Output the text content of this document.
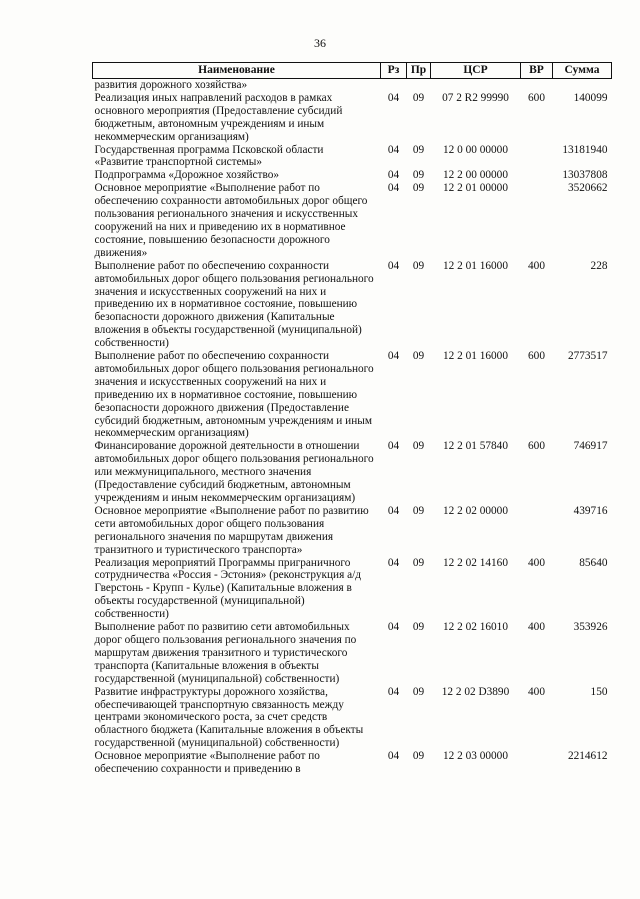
36
Наименование	Рз	Пр	ЦСР	ВР	Сумма
развития дорожного хозяйства»					
Реализация иных направлений расходов в рамках основного мероприятия (Предоставление субсидий бюджетным, автономным учреждениям и иным некоммерческим организациям)	04	09	07 2 R2 99990	600	140099
Государственная программа Псковской области «Развитие транспортной системы»	04	09	12 0 00 00000		13181940
Подпрограмма «Дорожное хозяйство»	04	09	12 2 00 00000		13037808
Основное мероприятие «Выполнение работ по обеспечению сохранности автомобильных дорог общего пользования регионального значения и искусственных сооружений на них и приведению их в нормативное состояние, повышению безопасности дорожного движения»	04	09	12 2 01 00000		3520662
Выполнение работ по обеспечению сохранности автомобильных дорог общего пользования регионального значения и искусственных сооружений на них и приведению их в нормативное состояние, повышению безопасности дорожного движения (Капитальные вложения в объекты государственной (муниципальной) собственности)	04	09	12 2 01 16000	400	228
Выполнение работ по обеспечению сохранности автомобильных дорог общего пользования регионального значения и искусственных сооружений на них и приведению их в нормативное состояние, повышению безопасности дорожного движения (Предоставление субсидий бюджетным, автономным учреждениям и иным некоммерческим организациям)	04	09	12 2 01 16000	600	2773517
Финансирование дорожной деятельности в отношении автомобильных дорог общего пользования регионального или межмуниципального, местного значения (Предоставление субсидий бюджетным, автономным учреждениям и иным некоммерческим организациям)	04	09	12 2 01 57840	600	746917
Основное мероприятие «Выполнение работ по развитию сети автомобильных дорог общего пользования регионального значения по маршрутам движения транзитного и туристического транспорта»	04	09	12 2 02 00000		439716
Реализация мероприятий Программы приграничного сотрудничества «Россия - Эстония» (реконструкция а/д Гверстонь - Крупп - Кулье) (Капитальные вложения в объекты государственной (муниципальной) собственности)	04	09	12 2 02 14160	400	85640
Выполнение работ по развитию сети автомобильных дорог общего пользования регионального значения по маршрутам движения транзитного и туристического транспорта (Капитальные вложения в объекты государственной (муниципальной) собственности)	04	09	12 2 02 16010	400	353926
Развитие инфраструктуры дорожного хозяйства, обеспечивающей транспортную связанность между центрами экономического роста, за счет средств областного бюджета (Капитальные вложения в объекты государственной (муниципальной) собственности)	04	09	12 2 02 D3890	400	150
Основное мероприятие «Выполнение работ по обеспечению сохранности и приведению в	04	09	12 2 03 00000		2214612
